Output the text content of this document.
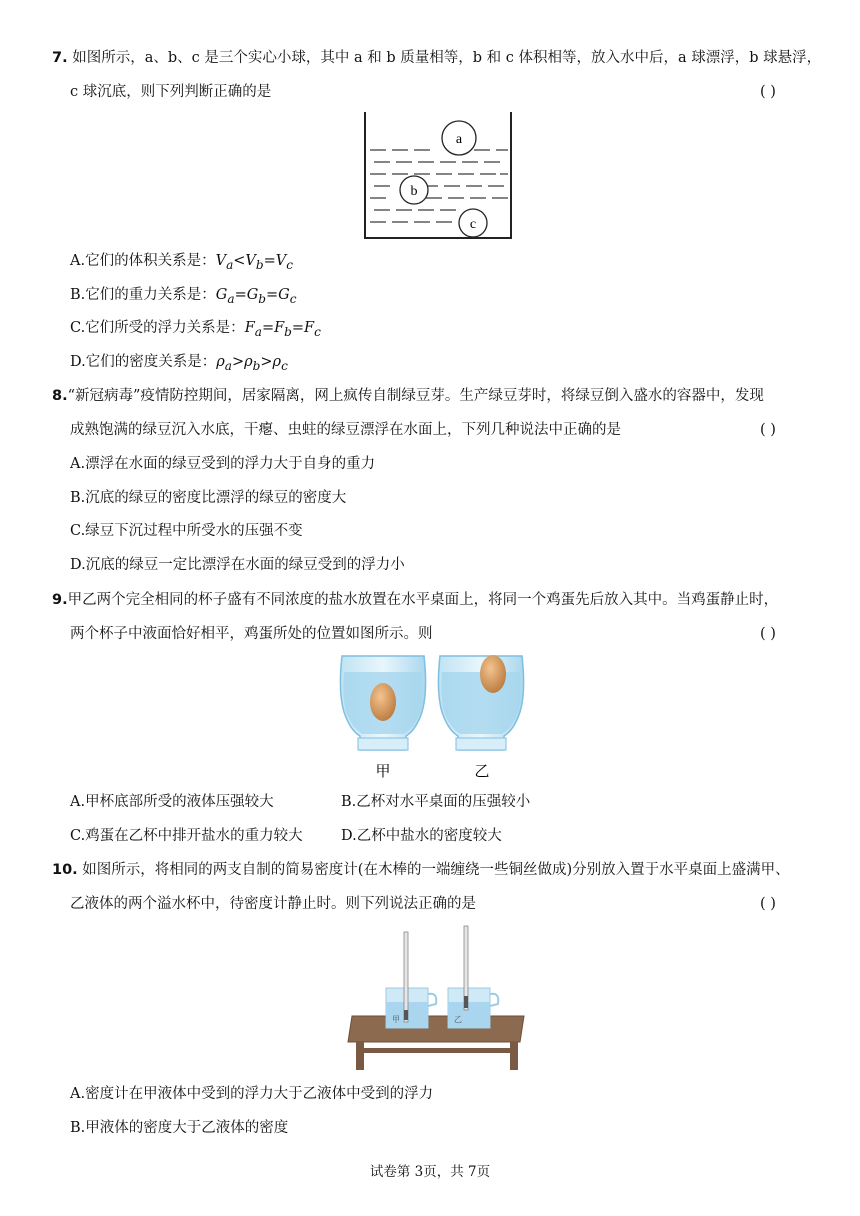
7. 如图所示，a、b、c 是三个实心小球，其中 a 和 b 质量相等，b 和 c 体积相等，放入水中后，a 球漂浮，b 球悬浮，
c 球沉底，则下列判断正确的是	( )
a
b
c
A.它们的体积关系是：$V_a<V_b=V_c$
B.它们的重力关系是：$G_a=G_b=G_c$
C.它们所受的浮力关系是：$F_a=F_b=F_c$
D.它们的密度关系是：$\rho_a>\rho_b>\rho_c$
8.“新冠病毒”疫情防控期间，居家隔离，网上疯传自制绿豆芽。生产绿豆芽时，将绿豆倒入盛水的容器中，发现
成熟饱满的绿豆沉入水底，干瘪、虫蛀的绿豆漂浮在水面上，下列几种说法中正确的是	( )
A.漂浮在水面的绿豆受到的浮力大于自身的重力
B.沉底的绿豆的密度比漂浮的绿豆的密度大
C.绿豆下沉过程中所受水的压强不变
D.沉底的绿豆一定比漂浮在水面的绿豆受到的浮力小
9.甲乙两个完全相同的杯子盛有不同浓度的盐水放置在水平桌面上，将同一个鸡蛋先后放入其中。当鸡蛋静止时，
两个杯子中液面恰好相平，鸡蛋所处的位置如图所示。则	( )
甲	乙
A.甲杯底部所受的液体压强较大	B.乙杯对水平桌面的压强较小
C.鸡蛋在乙杯中排开盐水的重力较大	D.乙杯中盐水的密度较大
10. 如图所示，将相同的两支自制的简易密度计(在木棒的一端缠绕一些铜丝做成)分别放入置于水平桌面上盛满甲、
乙液体的两个溢水杯中，待密度计静止时。则下列说法正确的是	( )
甲	乙
A.密度计在甲液体中受到的浮力大于乙液体中受到的浮力
B.甲液体的密度大于乙液体的密度
试卷第 3页，共 7页
